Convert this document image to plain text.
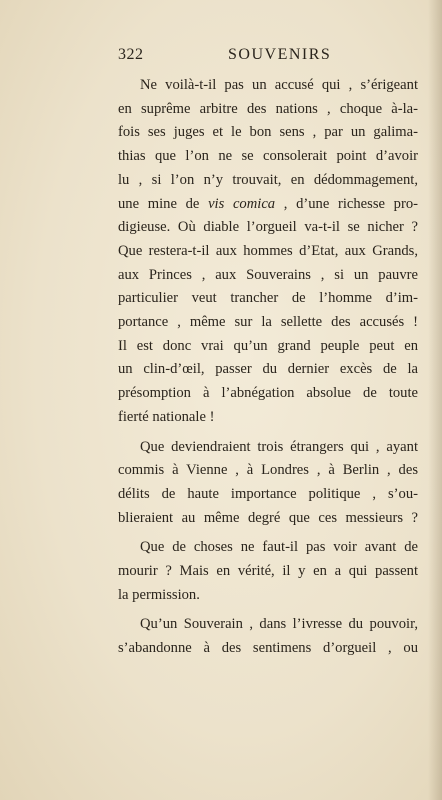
322	SOUVENIRS

Ne voilà-t-il pas un accusé qui , s’érigeant
en suprême arbitre des nations , choque à-la-
fois ses juges et le bon sens , par un galima-
thias que l’on ne se consolerait point d’avoir
lu , si l’on n’y trouvait, en dédommagement,
une mine de vis comica , d’une richesse pro-
digieuse. Où diable l’orgueil va-t-il se nicher ?
Que restera-t-il aux hommes d’Etat, aux Grands,
aux Princes , aux Souverains , si un pauvre
particulier veut trancher de l’homme d’im-
portance , même sur la sellette des accusés !
Il est donc vrai qu’un grand peuple peut en
un clin-d’œil, passer du dernier excès de la
présomption à l’abnégation absolue de toute
fierté nationale !

Que deviendraient trois étrangers qui , ayant
commis à Vienne , à Londres , à Berlin , des
délits de haute importance politique , s’ou-
blieraient au même degré que ces messieurs ?

Que de choses ne faut-il pas voir avant de
mourir ? Mais en vérité, il y en a qui passent
la permission.

Qu’un Souverain , dans l’ivresse du pouvoir,
s’abandonne à des sentimens d’orgueil , ou
